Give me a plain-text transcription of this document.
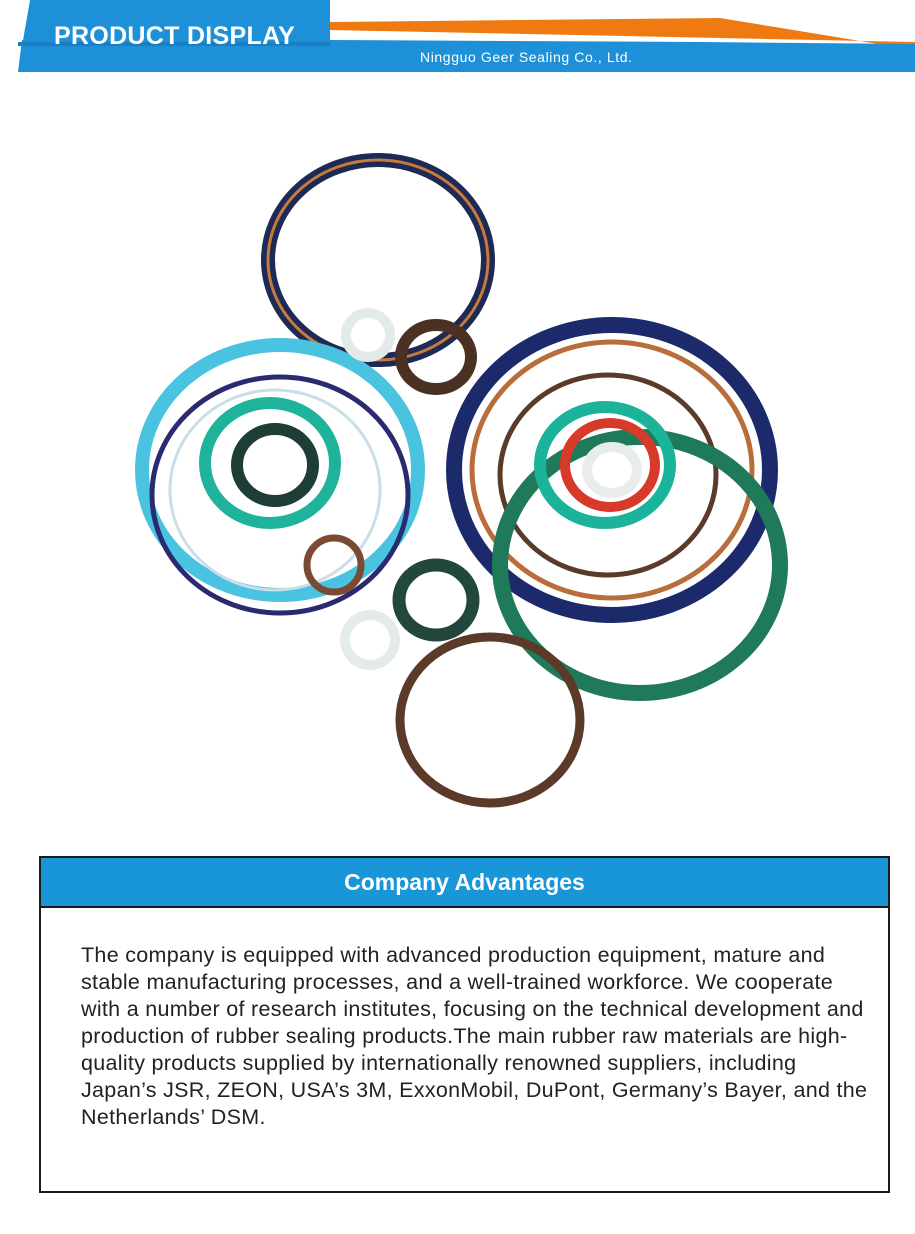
PRODUCT DISPLAY
Ningguo Geer Sealing Co., Ltd.
Company Advantages

The company is equipped with advanced production equipment, mature and stable manufacturing processes, and a well-trained workforce. We cooperate with a number of research institutes, focusing on the technical development and production of rubber sealing products.The main rubber raw materials are high-quality products supplied by internationally renowned suppliers, including Japan’s JSR, ZEON, USA’s 3M, ExxonMobil, DuPont, Germany’s Bayer, and the Netherlands’ DSM.
